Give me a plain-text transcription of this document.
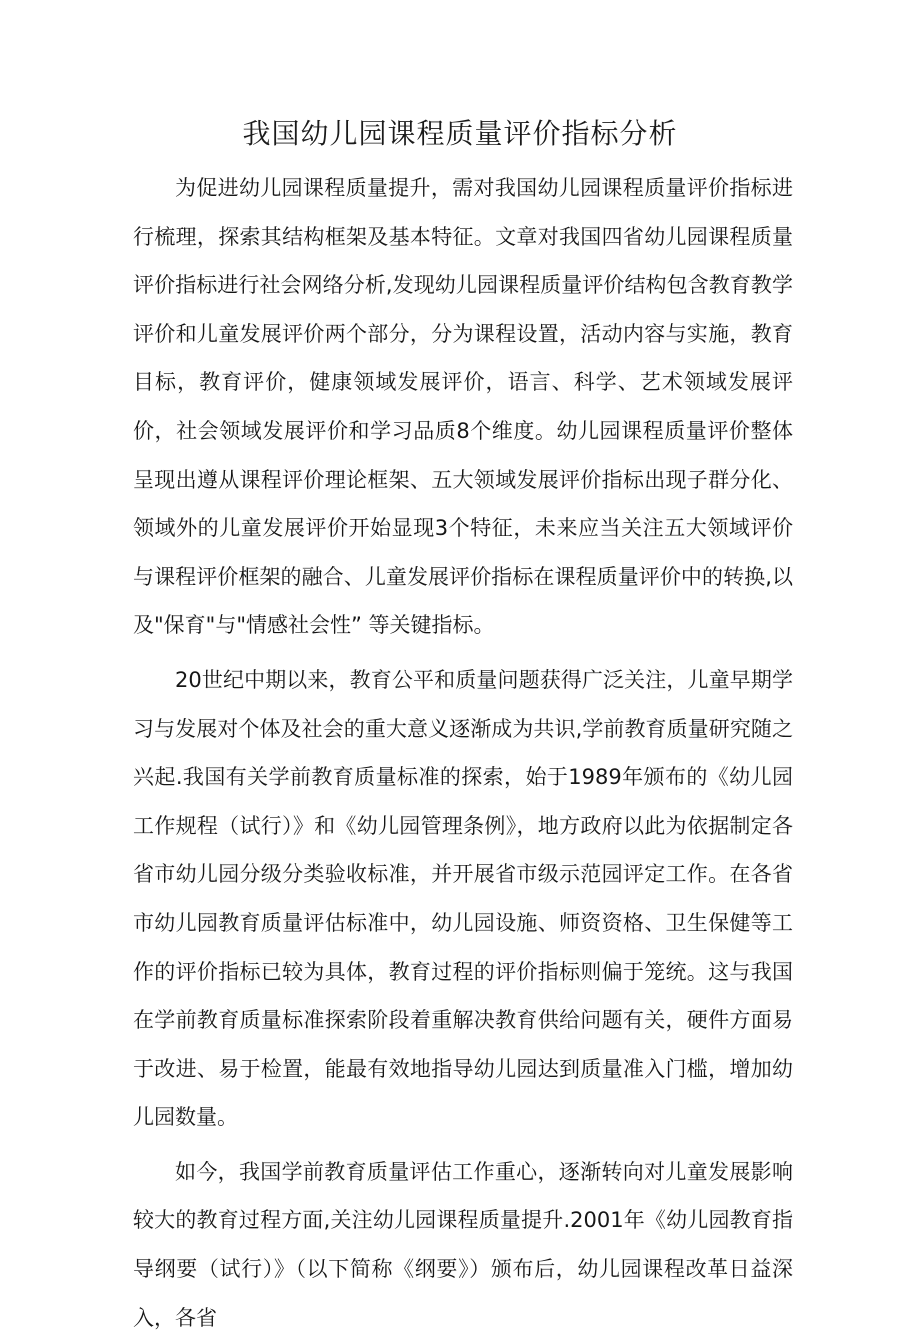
我国幼儿园课程质量评价指标分析

为促进幼儿园课程质量提升，需对我国幼儿园课程质量评价指标进行梳理，探索其结构框架及基本特征。文章对我国四省幼儿园课程质量评价指标进行社会网络分析,发现幼儿园课程质量评价结构包含教育教学评价和儿童发展评价两个部分，分为课程设置，活动内容与实施，教育目标，教育评价，健康领域发展评价，语言、科学、艺术领域发展评价，社会领域发展评价和学习品质8个维度。幼儿园课程质量评价整体呈现出遵从课程评价理论框架、五大领域发展评价指标出现子群分化、领域外的儿童发展评价开始显现3个特征，未来应当关注五大领域评价与课程评价框架的融合、儿童发展评价指标在课程质量评价中的转换,以及"保育"与"情感社会性” 等关键指标。

20世纪中期以来，教育公平和质量问题获得广泛关注，儿童早期学习与发展对个体及社会的重大意义逐渐成为共识,学前教育质量研究随之兴起.我国有关学前教育质量标准的探索，始于1989年颁布的《幼儿园工作规程（试行）》和《幼儿园管理条例》，地方政府以此为依据制定各省市幼儿园分级分类验收标准，并开展省市级示范园评定工作。在各省市幼儿园教育质量评估标准中，幼儿园设施、师资资格、卫生保健等工作的评价指标已较为具体，教育过程的评价指标则偏于笼统。这与我国在学前教育质量标准探索阶段着重解决教育供给问题有关，硬件方面易于改进、易于检置，能最有效地指导幼儿园达到质量准入门槛，增加幼儿园数量。

如今，我国学前教育质量评估工作重心，逐渐转向对儿童发展影响较大的教育过程方面,关注幼儿园课程质量提升.2001年《幼儿园教育指导纲要（试行）》（以下简称《纲要》）颁布后，幼儿园课程改革日益深入，各省
